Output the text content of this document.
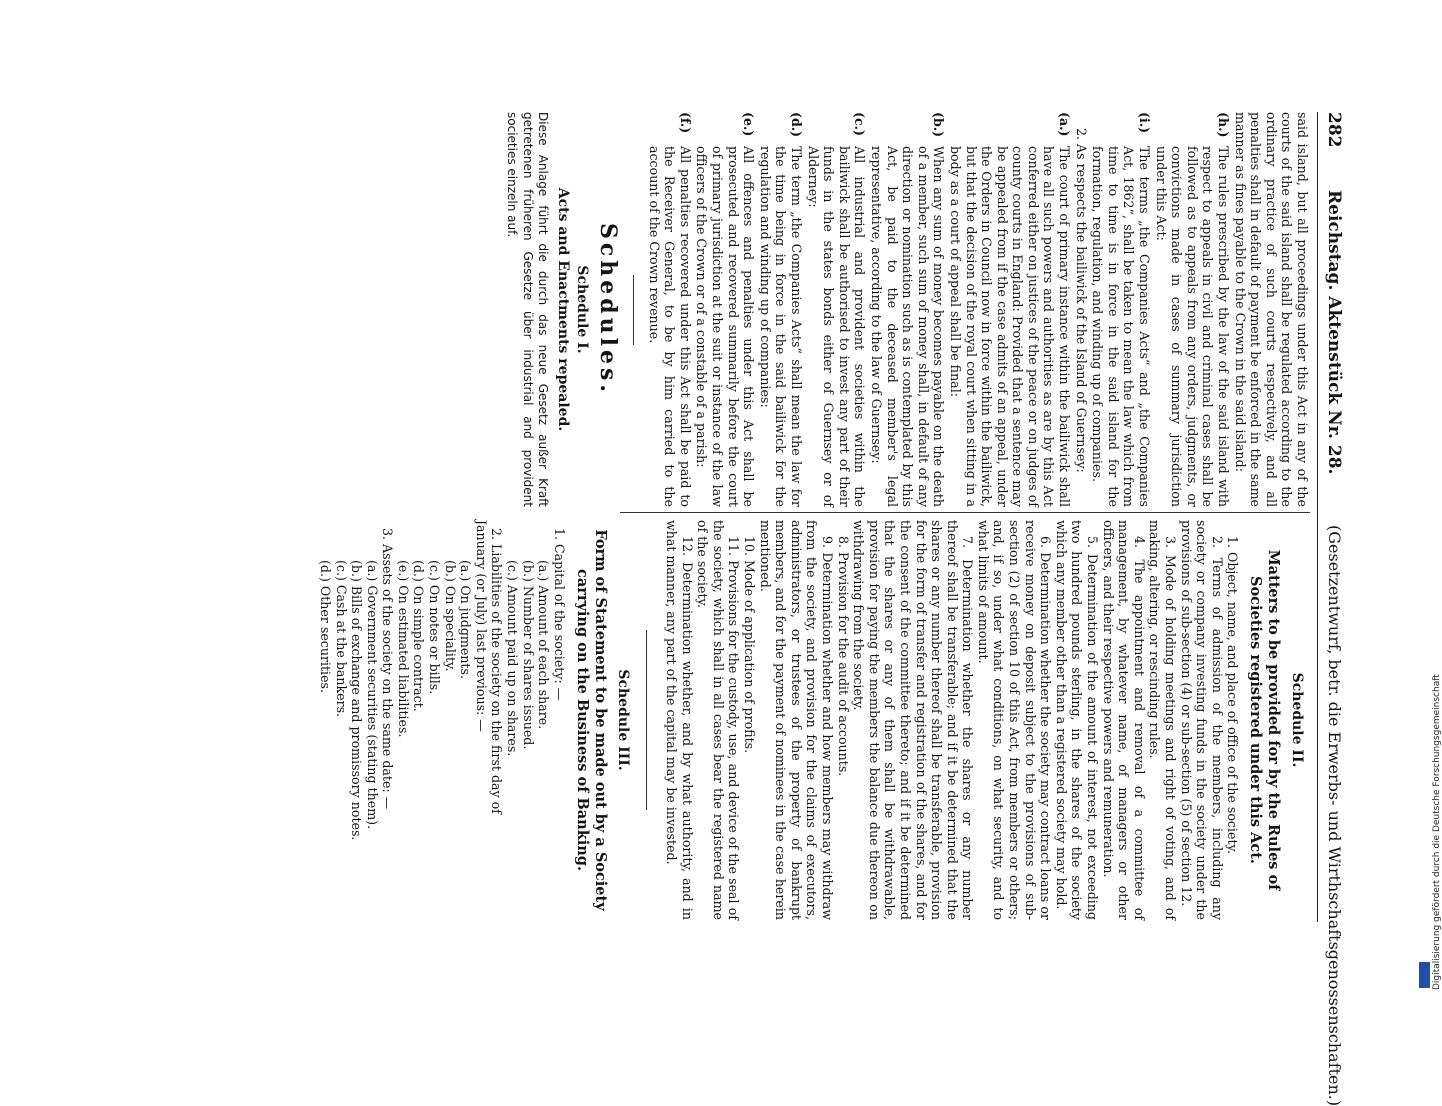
282
Reichstag. Aktenstück Nr. 28.
(Gesetzentwurf, betr. die Erwerbs- und Wirthschaftsgenossenschaften.)

said island, but all proceedings under this Act in any of the courts of the said island shall be regulated according to the ordinary practice of such courts respectively, and all penalties shall in default of payment be enforced in the same manner as fines payable to the Crown in the said island:

(h.)
The rules prescribed by the law of the said island with respect to appeals in civil and criminal cases shall be followed as to appeals from any orders, judgments, or convictions made in cases of summary jurisdiction under this Act:
(i.)
The terms „the Companies Acts“ and „the Companies Act, 1862“, shall be taken to mean the law which from time to time is in force in the said island for the formation, regulation, and winding up of companies.

2. As respects the bailiwick of the Island of Guernsey:

(a.)
The court of primary instance within the bailiwick shall have all such powers and authorities as are by this Act conferred either on justices of the peace or on judges of county courts in England: Provided that a sentence may be appealed from if the case admits of an appeal, under the Orders in Council now in force within the bailiwick, but that the decision of the royal court when sitting in a body as a court of appeal shall be final:
(b.)
When any sum of money becomes payable on the death of a member, such sum of money shall, in default of any direction or nomination such as is contemplated by this Act, be paid to the deceased member's legal representative, according to the law of Guernsey:
(c.)
All industrial and provident societies within the bailiwick shall be authorised to invest any part of their funds in the states bonds either of Guernsey or of Alderney:
(d.)
The term „the Companies Acts“ shall mean the law for the time being in force in the said bailiwick for the regulation and winding up of companies:
(e.)
All offences and penalties under this Act shall be prosecuted and recovered summarily before the court of primary jurisdiction at the suit or instance of the law officers of the Crown or of a constable of a parish:
(f.)
All penalties recovered under this Act shall be paid to the Receiver General, to be by him carried to the account of the Crown revenue.
Schedules.
Schedule I.
Acts and Enactments repealed.

Diese Anlage führt die durch das neue Gesetz außer Kraft getretenen früheren Gesetze über industrial and provident societies einzeln auf.

Schedule II.
Matters to be provided for by the Rules of Societies registered under this Act.

1. Object, name, and place of office of the society.

2. Terms of admission of the members, including any society or company investing funds in the society under the provisions of sub-section (4) or sub-section (5) of section 12.

3. Mode of holding meetings and right of voting, and of making, altering, or rescinding rules.

4. The appointment and removal of a committee of management, by whatever name, of managers or other officers, and their respective powers and remuneration.

5. Determination of the amount of interest, not exceeding two hundred pounds sterling, in the shares of the society which any member other than a registered society may hold.

6. Determination whether the society may contract loans or receive money on deposit subject to the provisions of sub-section (2) of section 10 of this Act, from members or others; and, if so, under what conditions, on what security, and to what limits of amount.

7. Determination whether the shares or any number thereof shall be transferable; and if it be determined that the shares or any number thereof shall be transferable, provision for the form of transfer and registration of the shares, and for the consent of the committee thereto; and if it be determined that the shares or any of them shall be withdrawable, provision for paying the members the balance due thereon on withdrawing from the society.

8. Provision for the audit of accounts.

9. Determination whether and how members may withdraw from the society, and provision for the claims of executors, administrators, or trustees of the property of bankrupt members, and for the payment of nominees in the case herein mentioned.

10. Mode of application of profits.

11. Provisions for the custody, use, and device of the seal of the society, which shall in all cases bear the registered name of the society.

12. Determination whether, and by what authority, and in what manner, any part of the capital may be invested.

Schedule III.
Form of Statement to be made out by a Society carrying on the Business of Banking.
1. Capital of the society: —
(a.) Amount of each share.
(b.) Number of shares issued.
(c.) Amount paid up on shares.
2. Liabilities of the society on the first day of
January (or July) last previous: —
(a.) On judgments.
(b.) On speciality.
(c.) On notes or bills.
(d.) On simple contract.
(e.) On estimated liabilities.
3. Assets of the society on the same date: —
(a.) Government securities (stating them).
(b.) Bills of exchange and promissory notes.
(c.) Cash at the bankers.
(d.) Other securities.
Digitalisierung gefördert durch die Deutsche Forschungsgemeinschaft
